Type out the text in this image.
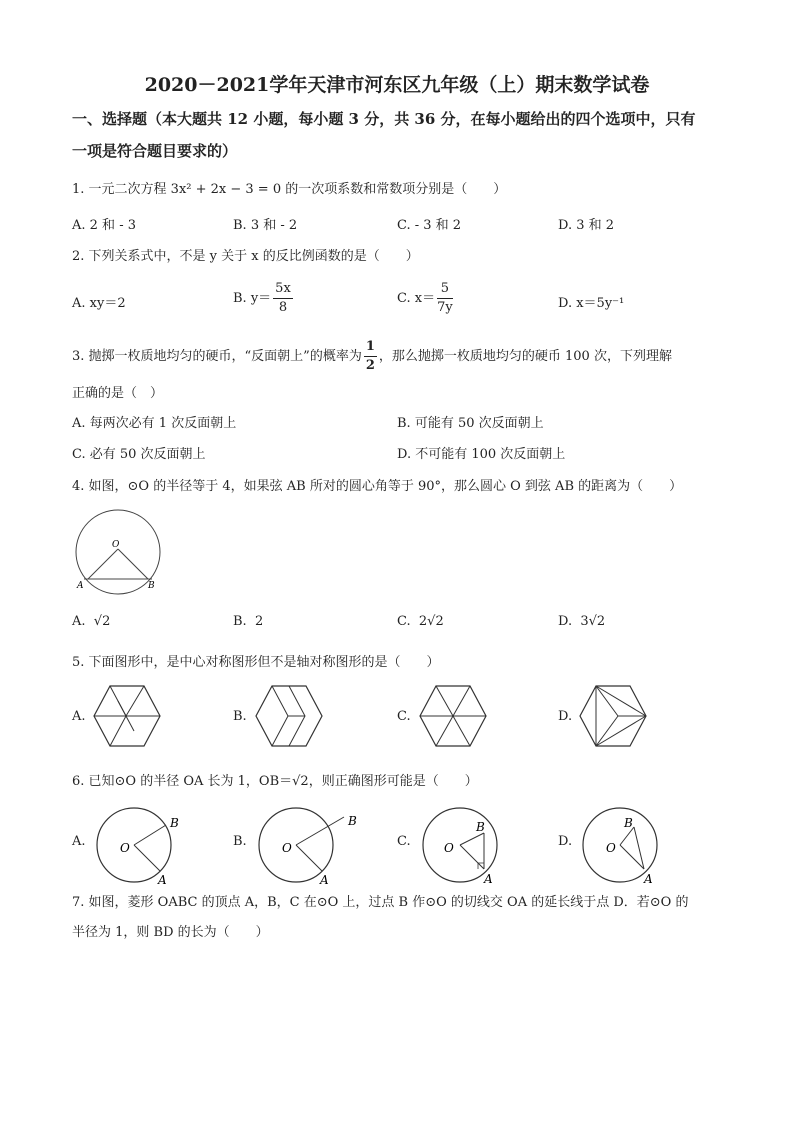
2020－2021学年天津市河东区九年级（上）期末数学试卷
一、选择题（本大题共 12 小题，每小题 3 分，共 36 分，在每小题给出的四个选项中，只有
一项是符合题目要求的）
1. 一元二次方程 3x² + 2x − 3 = 0 的一次项系数和常数项分别是（　　）
A. 2 和 - 3	B. 3 和 - 2	C. - 3 和 2	D. 3 和 2
2. 下列关系式中，不是 y 关于 x 的反比例函数的是（　　）
A. xy＝2	B. $y= \frac{5x}{8}$	C. $x= \frac{5}{7y}$	D. x＝5y⁻¹
3. 抛掷一枚质地均匀的硬币，“反面朝上”的概率为 $\frac{1}{2}$ ，那么抛掷一枚质地均匀的硬币 100 次，下列理解
正确的是（　）
A. 每两次必有 1 次反面朝上	B. 可能有 50 次反面朝上
C. 必有 50 次反面朝上	D. 不可能有 100 次反面朝上
4. 如图，⊙O 的半径等于 4，如果弦 AB 所对的圆心角等于 90°，那么圆心 O 到弦 AB 的距离为（　　）
O
A	B
A. √2	B. 2	C. 2√2	D. 3√2
5. 下面图形中，是中心对称图形但不是轴对称图形的是（　　）
A.	B.	C.	D.
6. 已知⊙O 的半径 OA 长为 1，OB＝√2，则正确图形可能是（　　）
A.	B.	C.	D.
O
B
A
O
B
A
O
B
A
O
B
A
7. 如图，菱形 OABC 的顶点 A，B，C 在⊙O 上，过点 B 作⊙O 的切线交 OA 的延长线于点 D．若⊙O 的
半径为 1，则 BD 的长为（　　）
